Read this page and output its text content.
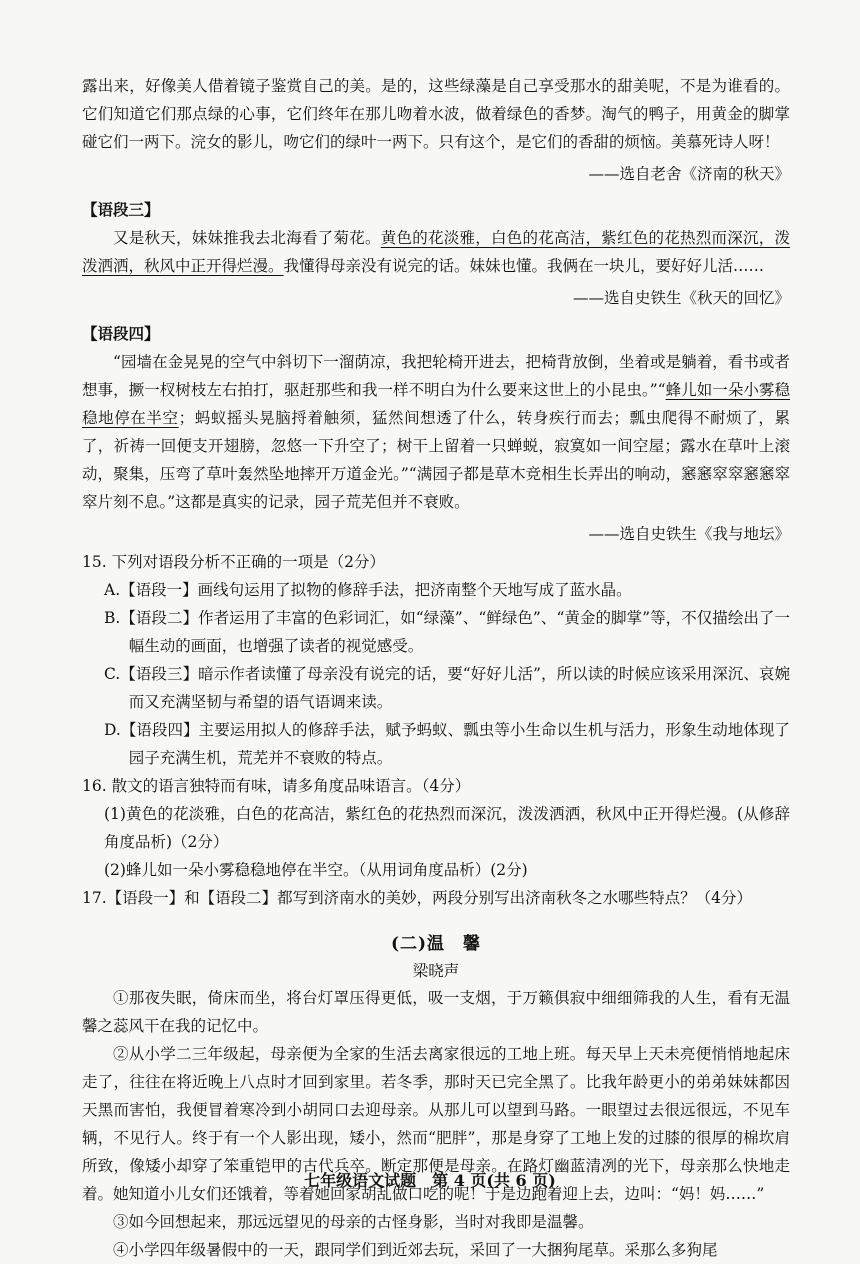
露出来，好像美人借着镜子鉴赏自己的美。是的，这些绿藻是自己享受那水的甜美呢，不是为谁看的。它们知道它们那点绿的心事，它们终年在那儿吻着水波，做着绿色的香梦。淘气的鸭子，用黄金的脚掌碰它们一两下。浣女的影儿，吻它们的绿叶一两下。只有这个，是它们的香甜的烦恼。美慕死诗人呀！

——选自老舍《济南的秋天》

【语段三】

又是秋天，妹妹推我去北海看了菊花。黄色的花淡雅，白色的花高洁，紫红色的花热烈而深沉，泼泼洒洒，秋风中正开得烂漫。我懂得母亲没有说完的话。妹妹也懂。我俩在一块儿，要好好儿活……

——选自史铁生《秋天的回忆》

【语段四】

“园墙在金晃晃的空气中斜切下一溜荫凉，我把轮椅开进去，把椅背放倒，坐着或是躺着，看书或者想事，撅一杈树枝左右拍打，驱赶那些和我一样不明白为什么要来这世上的小昆虫。”“蜂儿如一朵小雾稳稳地停在半空；蚂蚁摇头晃脑捋着触须，猛然间想透了什么，转身疾行而去；瓢虫爬得不耐烦了，累了，祈祷一回便支开翅膀，忽悠一下升空了；树干上留着一只蝉蜕，寂寞如一间空屋；露水在草叶上滚动，聚集，压弯了草叶轰然坠地摔开万道金光。”“满园子都是草木竞相生长弄出的响动，窸窸窣窣窸窸窣窣片刻不息。”这都是真实的记录，园子荒芜但并不衰败。

——选自史铁生《我与地坛》

15. 下列对语段分析不正确的一项是（2分）

A.【语段一】画线句运用了拟物的修辞手法，把济南整个天地写成了蓝水晶。

B.【语段二】作者运用了丰富的色彩词汇，如“绿藻”、“鲜绿色”、“黄金的脚掌”等，不仅描绘出了一幅生动的画面，也增强了读者的视觉感受。

C.【语段三】暗示作者读懂了母亲没有说完的话，要“好好儿活”，所以读的时候应该采用深沉、哀婉而又充满坚韧与希望的语气语调来读。

D.【语段四】主要运用拟人的修辞手法，赋予蚂蚁、瓢虫等小生命以生机与活力，形象生动地体现了园子充满生机，荒芜并不衰败的特点。

16. 散文的语言独特而有味，请多角度品味语言。（4分）

(1)黄色的花淡雅，白色的花高洁，紫红色的花热烈而深沉，泼泼洒洒，秋风中正开得烂漫。(从修辞角度品析)（2分）

(2)蜂儿如一朵小雾稳稳地停在半空。（从用词角度品析）(2分)

17.【语段一】和【语段二】都写到济南水的美妙，两段分别写出济南秋冬之水哪些特点？（4分）

(二)温　馨
梁晓声

①那夜失眠，倚床而坐，将台灯罩压得更低，吸一支烟，于万籁俱寂中细细筛我的人生，看有无温馨之蕊风干在我的记忆中。

②从小学二三年级起，母亲便为全家的生活去离家很远的工地上班。每天早上天未亮便悄悄地起床走了，往往在将近晚上八点时才回到家里。若冬季，那时天已完全黑了。比我年龄更小的弟弟妹妹都因天黑而害怕，我便冒着寒冷到小胡同口去迎母亲。从那儿可以望到马路。一眼望过去很远很远，不见车辆，不见行人。终于有一个人影出现，矮小，然而“肥胖”，那是身穿了工地上发的过膝的很厚的棉坎肩所致，像矮小却穿了笨重铠甲的古代兵卒。断定那便是母亲。在路灯幽蓝清冽的光下，母亲那么快地走着。她知道小儿女们还饿着，等着她回家胡乱做口吃的呢！于是边跑着迎上去，边叫：“妈！妈……”

③如今回想起来，那远远望见的母亲的古怪身影，当时对我即是温馨。

④小学四年级暑假中的一天，跟同学们到近郊去玩，采回了一大捆狗尾草。采那么多狗尾

七年级语文试题　第 4 页(共 6 页)
